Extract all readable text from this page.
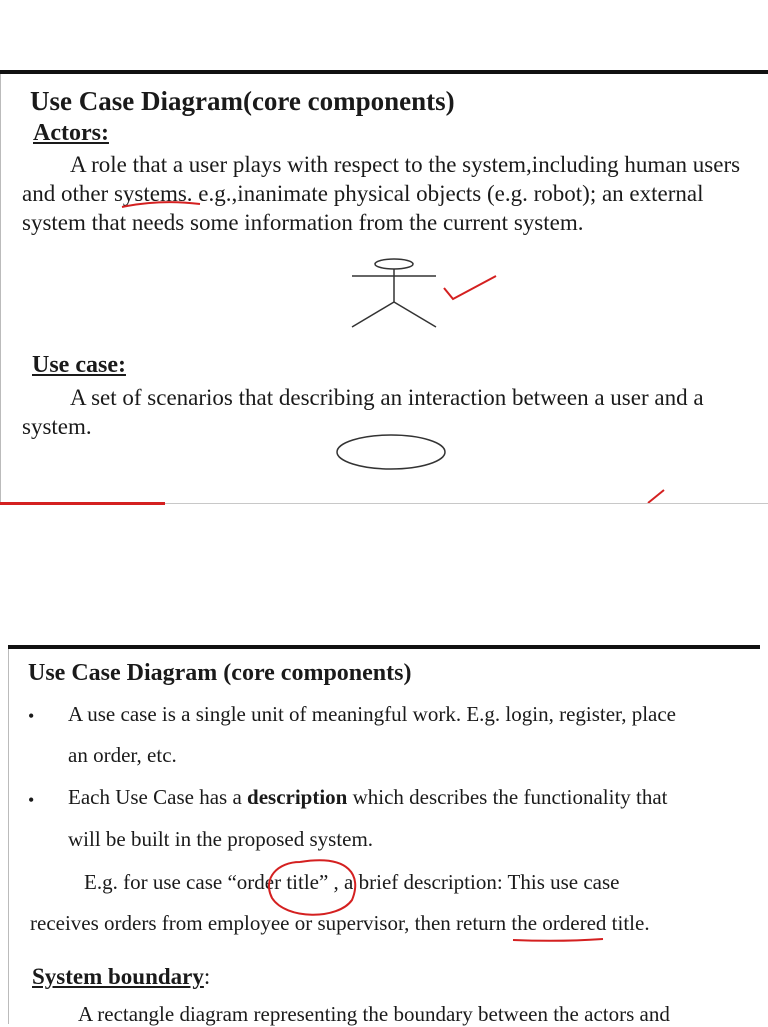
Use Case Diagram(core components)
Actors:
A role that a user plays with respect to the system,including human users and other systems. e.g.,inanimate physical objects (e.g. robot); an external system that needs some information from the current system.
Use case:
A set of scenarios that describing an interaction between a user and a system.
Use Case Diagram (core components)
• A use case is a single unit of meaningful work. E.g. login, register, place
an order, etc.
• Each Use Case has a description which describes the functionality that
will be built in the proposed system.
E.g. for use case “order title” , a brief description: This use case
receives orders from employee or supervisor, then return the ordered title.
System boundary:
A rectangle diagram representing the boundary between the actors and
